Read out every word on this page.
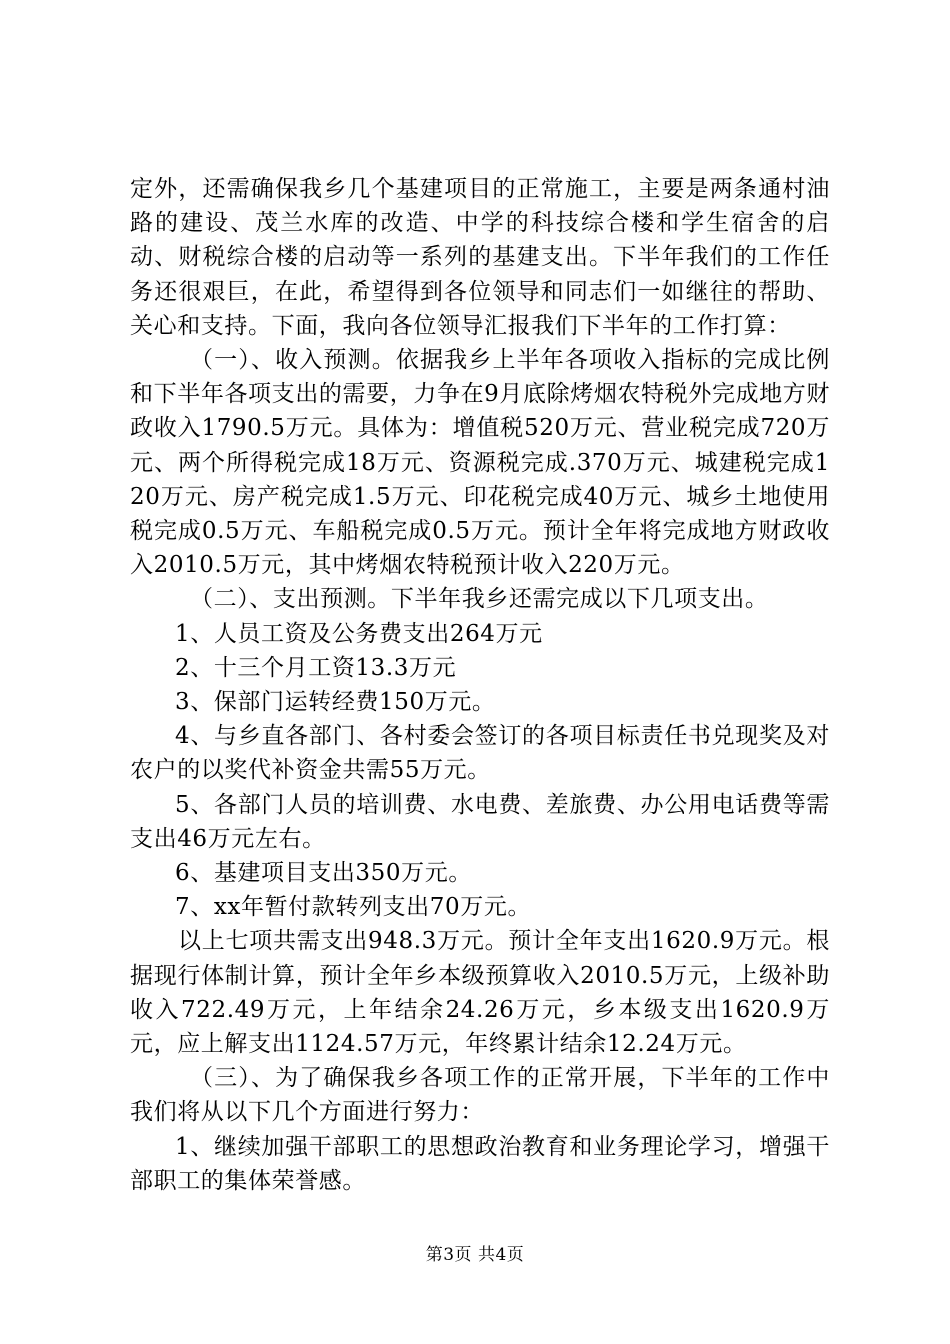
定外，还需确保我乡几个基建项目的正常施工，主要是两条通村油路的建设、茂兰水库的改造、中学的科技综合楼和学生宿舍的启动、财税综合楼的启动等一系列的基建支出。下半年我们的工作任务还很艰巨，在此，希望得到各位领导和同志们一如继往的帮助、关心和支持。下面，我向各位领导汇报我们下半年的工作打算：

（一）、收入预测。依据我乡上半年各项收入指标的完成比例和下半年各项支出的需要，力争在9月底除烤烟农特税外完成地方财政收入1790.5万元。具体为：增值税520万元、营业税完成720万元、两个所得税完成18万元、资源税完成.370万元、城建税完成120万元、房产税完成1.5万元、印花税完成40万元、城乡土地使用税完成0.5万元、车船税完成0.5万元。预计全年将完成地方财政收入2010.5万元，其中烤烟农特税预计收入220万元。

（二）、支出预测。下半年我乡还需完成以下几项支出。

1、人员工资及公务费支出264万元

2、十三个月工资13.3万元

3、保部门运转经费150万元。

4、与乡直各部门、各村委会签订的各项目标责任书兑现奖及对农户的以奖代补资金共需55万元。

5、各部门人员的培训费、水电费、差旅费、办公用电话费等需支出46万元左右。

6、基建项目支出350万元。

7、xx年暂付款转列支出70万元。

以上七项共需支出948.3万元。预计全年支出1620.9万元。根据现行体制计算，预计全年乡本级预算收入2010.5万元，上级补助收入722.49万元，上年结余24.26万元，乡本级支出1620.9万元，应上解支出1124.57万元，年终累计结余12.24万元。

（三）、为了确保我乡各项工作的正常开展，下半年的工作中我们将从以下几个方面进行努力：

1、继续加强干部职工的思想政治教育和业务理论学习，增强干部职工的集体荣誉感。

第3页 共4页
